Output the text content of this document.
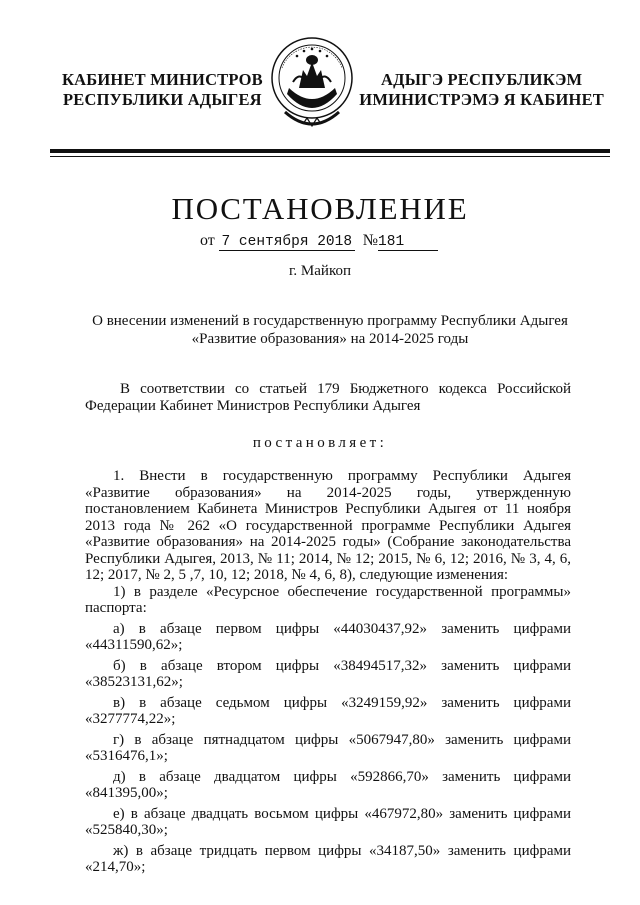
КАБИНЕТ МИНИСТРОВ
РЕСПУБЛИКИ АДЫГЕЯ
АДЫГЭ РЕСПУБЛИКЭМ
ИМИНИСТРЭМЭ Я КАБИНЕТ
ПОСТАНОВЛЕНИЕ
от 7 сентября 2018 №181
г. Майкоп
О внесении изменений в государственную программу Республики Адыгея
«Развитие образования» на 2014-2025 годы
В соответствии со статьей 179 Бюджетного кодекса Российской Федерации Кабинет Министров Республики Адыгея
постановляет:

1. Внести в государственную программу Республики Адыгея «Развитие образования» на 2014-2025 годы, утвержденную постановлением Кабинета Министров Республики Адыгея от 11 ноября 2013 года № 262 «О государственной программе Республики Адыгея «Развитие образования» на 2014-2025 годы» (Собрание законодательства Республики Адыгея, 2013, № 11; 2014, № 12; 2015, № 6, 12; 2016, № 3, 4, 6, 12; 2017, № 2, 5 ,7, 10, 12; 2018, № 4, 6, 8), следующие изменения:

1) в разделе «Ресурсное обеспечение государственной программы» паспорта:

а) в абзаце первом цифры «44030437,92» заменить цифрами «44311590,62»;

б) в абзаце втором цифры «38494517,32» заменить цифрами «38523131,62»;

в) в абзаце седьмом цифры «3249159,92» заменить цифрами «3277774,22»;

г) в абзаце пятнадцатом цифры «5067947,80» заменить цифрами «5316476,1»;

д) в абзаце двадцатом цифры «592866,70» заменить цифрами «841395,00»;

е) в абзаце двадцать восьмом цифры «467972,80» заменить цифрами «525840,30»;

ж) в абзаце тридцать первом цифры «34187,50» заменить цифрами «214,70»;
